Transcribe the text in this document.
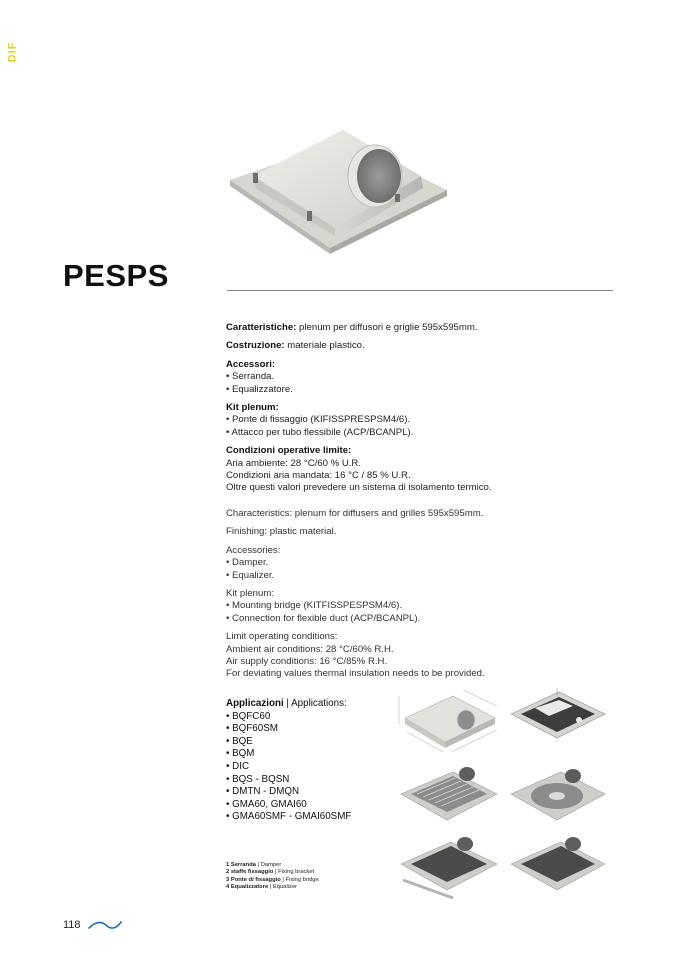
DIF
PESPS
Caratteristiche: plenum per diffusori e griglie 595x595mm.
Costruzione: materiale plastico.
Accessori:
• Serranda.
• Equalizzatore.
Kit plenum:
• Ponte di fissaggio (KIFISSPRESPSM4/6).
• Attacco per tubo flessibile (ACP/BCANPL).
Condizioni operative limite:
Aria ambiente: 28 °C/60 % U.R.
Condizioni aria mandata: 16 °C / 85 % U.R.
Oltre questi valori prevedere un sistema di isolamento termico.
Characteristics: plenum for diffusers and grilles 595x595mm.
Finishing: plastic material.
Accessories:
• Damper.
• Equalizer.
Kit plenum:
• Mounting bridge (KITFISSPESPSM4/6).
• Connection for flexible duct (ACP/BCANPL).
Limit operating conditions:
Ambient air conditions: 28 °C/60% R.H.
Air supply conditions: 16 °C/85% R.H.
For deviating values thermal insulation needs to be provided.
Applicazioni | Applications:
• BQFC60
• BQF60SM
• BQE
• BQM
• DIC
• BQS - BQSN
• DMTN - DMQN
• GMA60, GMAI60
• GMA60SMF - GMAI60SMF
1 Serranda | Damper
2 staffe fissaggio | Fixing bracket
3 Ponte di fissaggio | Fixing bridge
4 Equalizzatore | Equalizer
118
